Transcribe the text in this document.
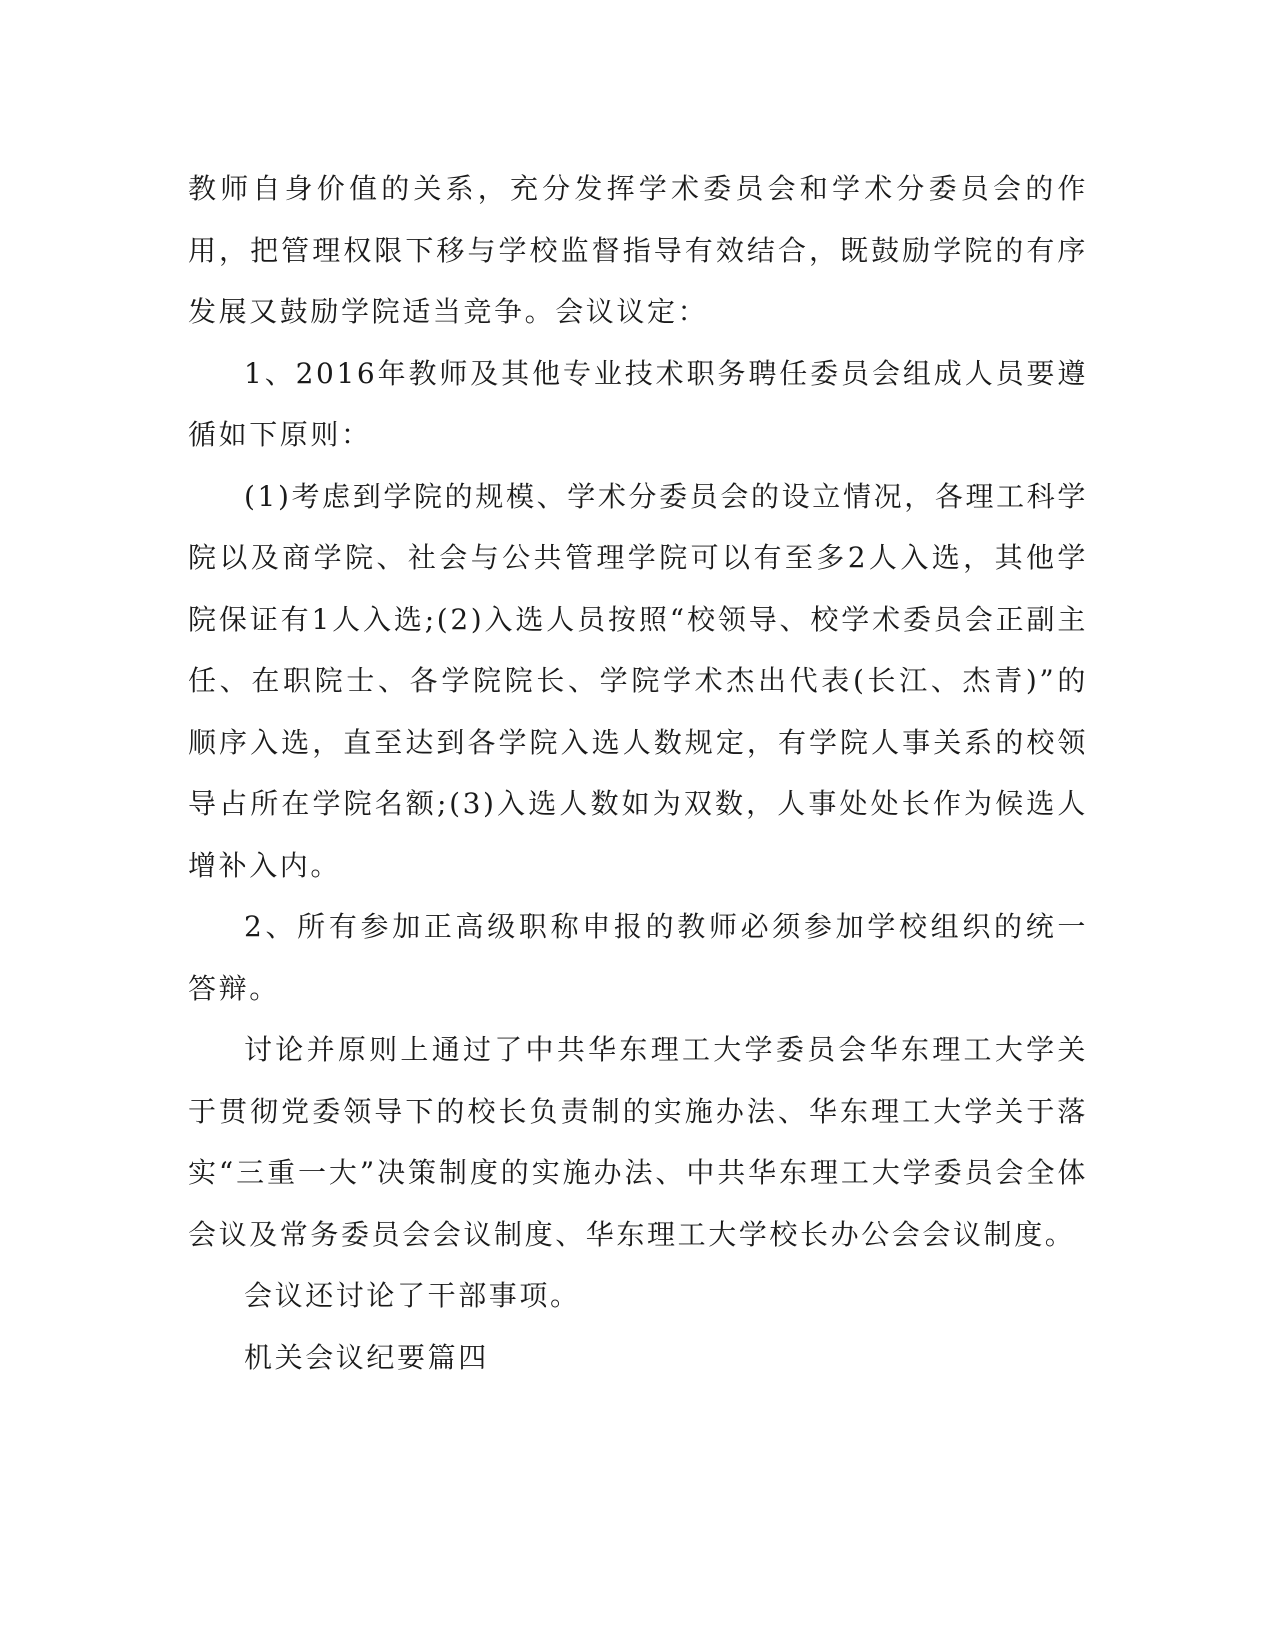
教师自身价值的关系，充分发挥学术委员会和学术分委员会的作用，把管理权限下移与学校监督指导有效结合，既鼓励学院的有序发展又鼓励学院适当竞争。会议议定：

1、2016年教师及其他专业技术职务聘任委员会组成人员要遵循如下原则：

(1)考虑到学院的规模、学术分委员会的设立情况，各理工科学院以及商学院、社会与公共管理学院可以有至多2人入选，其他学院保证有1人入选;(2)入选人员按照“校领导、校学术委员会正副主任、在职院士、各学院院长、学院学术杰出代表(长江、杰青)”的顺序入选，直至达到各学院入选人数规定，有学院人事关系的校领导占所在学院名额;(3)入选人数如为双数，人事处处长作为候选人增补入内。

2、所有参加正高级职称申报的教师必须参加学校组织的统一答辩。

讨论并原则上通过了中共华东理工大学委员会华东理工大学关于贯彻党委领导下的校长负责制的实施办法、华东理工大学关于落实“三重一大”决策制度的实施办法、中共华东理工大学委员会全体会议及常务委员会会议制度、华东理工大学校长办公会会议制度。

会议还讨论了干部事项。

机关会议纪要篇四
